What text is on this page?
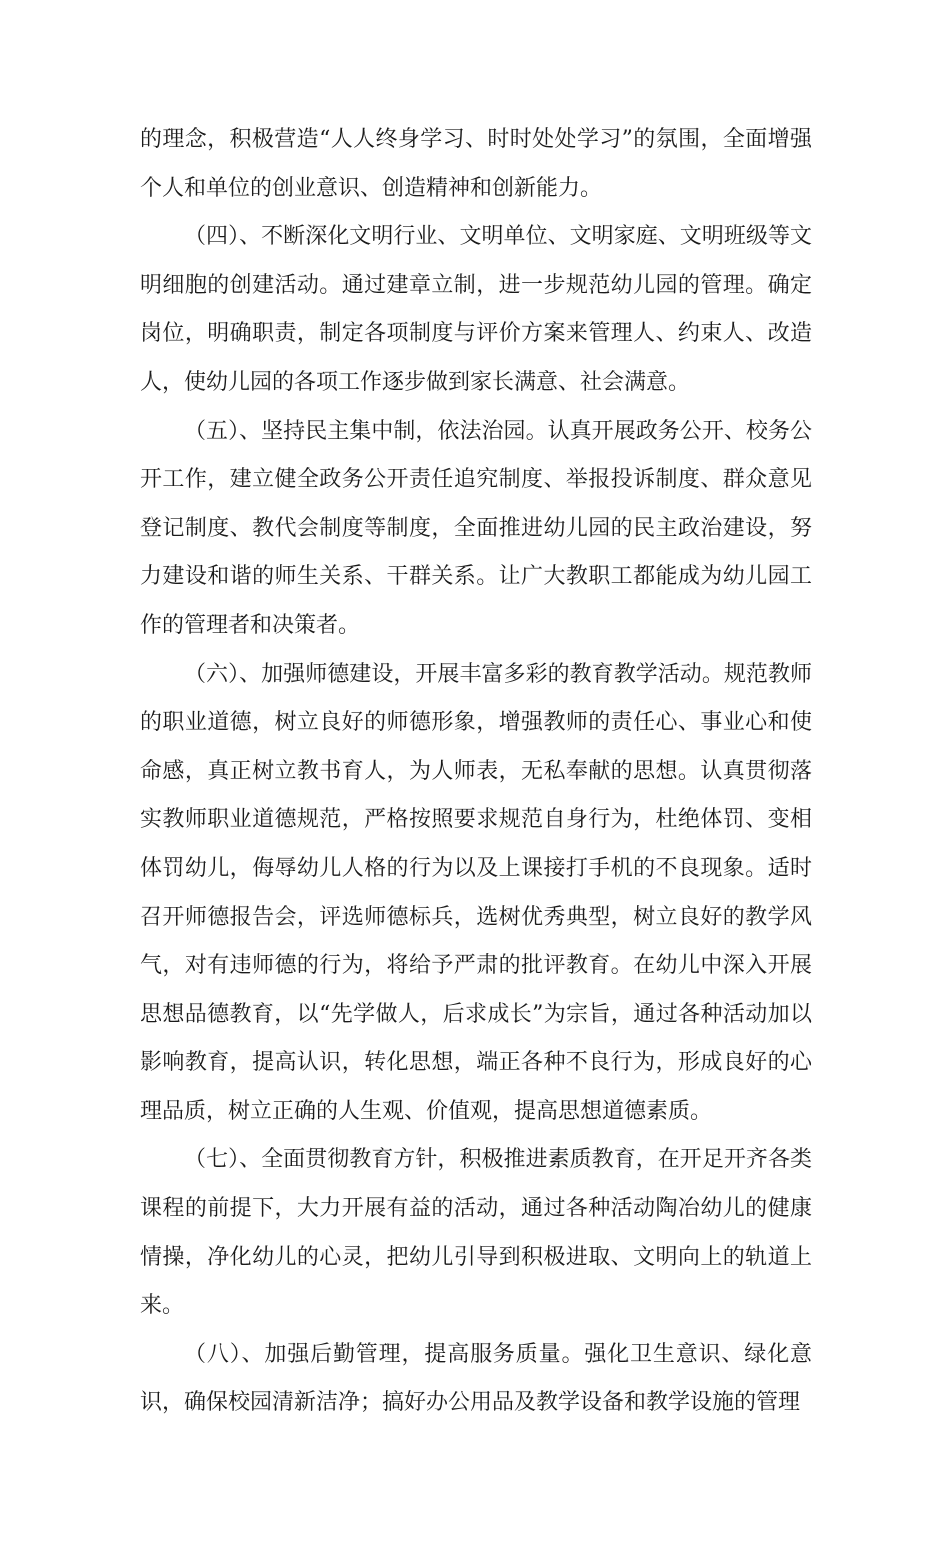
的理念，积极营造“人人终身学习、时时处处学习”的氛围，全面增强个人和单位的创业意识、创造精神和创新能力。

（四）、不断深化文明行业、文明单位、文明家庭、文明班级等文明细胞的创建活动。通过建章立制，进一步规范幼儿园的管理。确定岗位，明确职责，制定各项制度与评价方案来管理人、约束人、改造人，使幼儿园的各项工作逐步做到家长满意、社会满意。

（五）、坚持民主集中制，依法治园。认真开展政务公开、校务公开工作，建立健全政务公开责任追究制度、举报投诉制度、群众意见登记制度、教代会制度等制度，全面推进幼儿园的民主政治建设，努力建设和谐的师生关系、干群关系。让广大教职工都能成为幼儿园工作的管理者和决策者。

（六）、加强师德建设，开展丰富多彩的教育教学活动。规范教师的职业道德，树立良好的师德形象，增强教师的责任心、事业心和使命感，真正树立教书育人，为人师表，无私奉献的思想。认真贯彻落实教师职业道德规范，严格按照要求规范自身行为，杜绝体罚、变相体罚幼儿，侮辱幼儿人格的行为以及上课接打手机的不良现象。适时召开师德报告会，评选师德标兵，选树优秀典型，树立良好的教学风气，对有违师德的行为，将给予严肃的批评教育。在幼儿中深入开展思想品德教育，以“先学做人，后求成长”为宗旨，通过各种活动加以影响教育，提高认识，转化思想，端正各种不良行为，形成良好的心理品质，树立正确的人生观、价值观，提高思想道德素质。

（七）、全面贯彻教育方针，积极推进素质教育，在开足开齐各类课程的前提下，大力开展有益的活动，通过各种活动陶冶幼儿的健康情操，净化幼儿的心灵，把幼儿引导到积极进取、文明向上的轨道上来。

（八）、加强后勤管理，提高服务质量。强化卫生意识、绿化意识，确保校园清新洁净；搞好办公用品及教学设备和教学设施的管理
